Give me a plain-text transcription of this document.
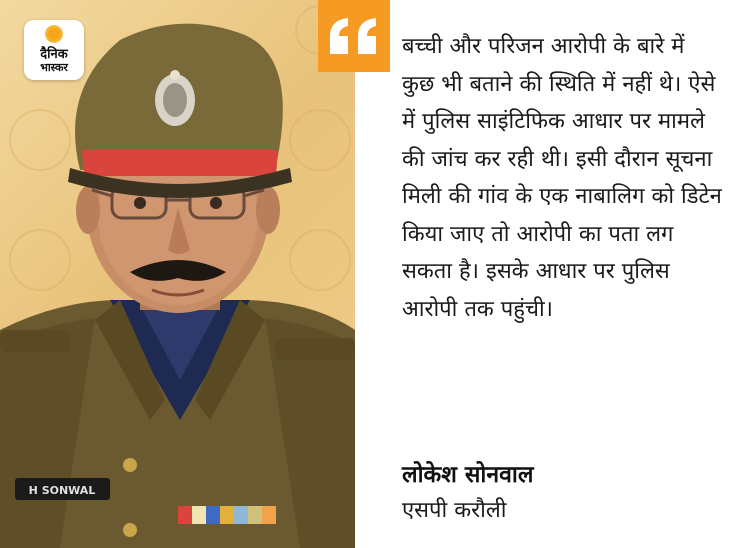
H SONWAL
दैनिक
भास्कर

बच्ची और परिजन आरोपी के बारे में कुछ भी बताने की स्थिति में नहीं थे। ऐसे में पुलिस साइंटिफिक आधार पर मामले की जांच कर रही थी। इसी दौरान सूचना मिली की गांव के एक नाबालिग को डिटेन किया जाए तो आरोपी का पता लग सकता है। इसके आधार पर पुलिस आरोपी तक पहुंची।

लोकेश सोनवाल
एसपी करौली
